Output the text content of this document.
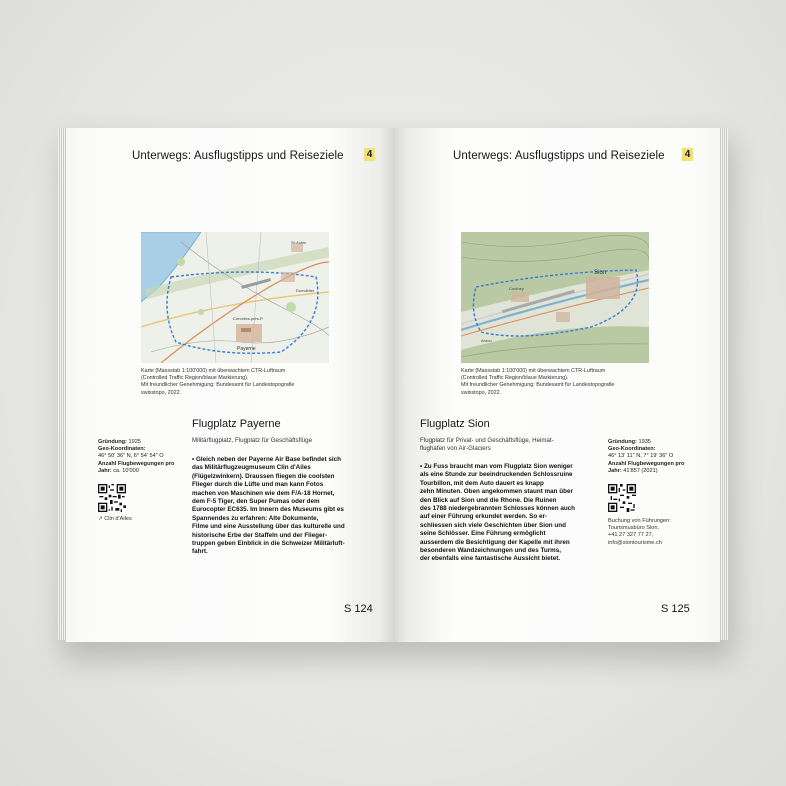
Unterwegs: Ausflugstipps und Reiseziele 4
St-Aubin
Domdidier
Corcelles-près-P.
Payerne
Karte (Massstab 1:100'000) mit überwachtem CTR-Luftraum
(Controlled Traffic Region/blaue Markierung).
Mit freundlicher Genehmigung: Bundesamt für Landestopografie
swisstopo, 2022.
Flugplatz Payerne
Militärflugplatz, Flugplatz für Geschäftsflüge
Gründung: 1925
Geo-Koordinaten:
46° 50' 36" N, 6° 54' 54" O
Anzahl Flugbewegungen pro Jahr: ca. 10'000
↗ Clin d'Ailes
• Gleich neben der Payerne Air Base befindet sich
das Militärflugzeugmuseum Clin d'Ailes
(Flügelzwinkern). Draussen fliegen die coolsten
Flieger durch die Lüfte und man kann Fotos
machen von Maschinen wie dem F/A-18 Hornet,
dem F-5 Tiger, den Super Pumas oder dem
Eurocopter EC635. Im Innern des Museums gibt es
Spannendes zu erfahren: Alte Dokumente,
Filme und eine Ausstellung über das kulturelle und
historische Erbe der Staffeln und der Flieger-
truppen geben Einblick in die Schweizer Militärluft-
fahrt.
S 124
Unterwegs: Ausflugstipps und Reiseziele 4
Sion
Conthey
Ardon
Karte (Massstab 1:100'000) mit überwachtem CTR-Luftraum
(Controlled Traffic Region/blaue Markierung).
Mit freundlicher Genehmigung: Bundesamt für Landestopografie
swisstopo, 2022.
Flugplatz Sion
Flugplatz für Privat- und Geschäftsflüge, Heimat-
flughafen von Air-Glaciers
• Zu Fuss braucht man vom Flugplatz Sion weniger
als eine Stunde zur beeindruckenden Schlossruine
Tourbillon, mit dem Auto dauert es knapp
zehn Minuten. Oben angekommen staunt man über
den Blick auf Sion und die Rhone. Die Ruinen
des 1788 niedergebrannten Schlosses können auch
auf einer Führung erkundet werden. So er-
schliessen sich viele Geschichten über Sion und
seine Schlösser. Eine Führung ermöglicht
ausserdem die Besichtigung der Kapelle mit ihren
besonderen Wandzeichnungen und des Turms,
der ebenfalls eine fantastische Aussicht bietet.
Gründung: 1935
Geo-Koordinaten:
46° 13' 11" N, 7° 19' 36" O
Anzahl Flugbewegungen pro Jahr: 41'857 (2021)
Buchung von Führungen:
Tourismusbüro Sion,
+41 27 327 77 27,
info@siontourisme.ch
S 125
